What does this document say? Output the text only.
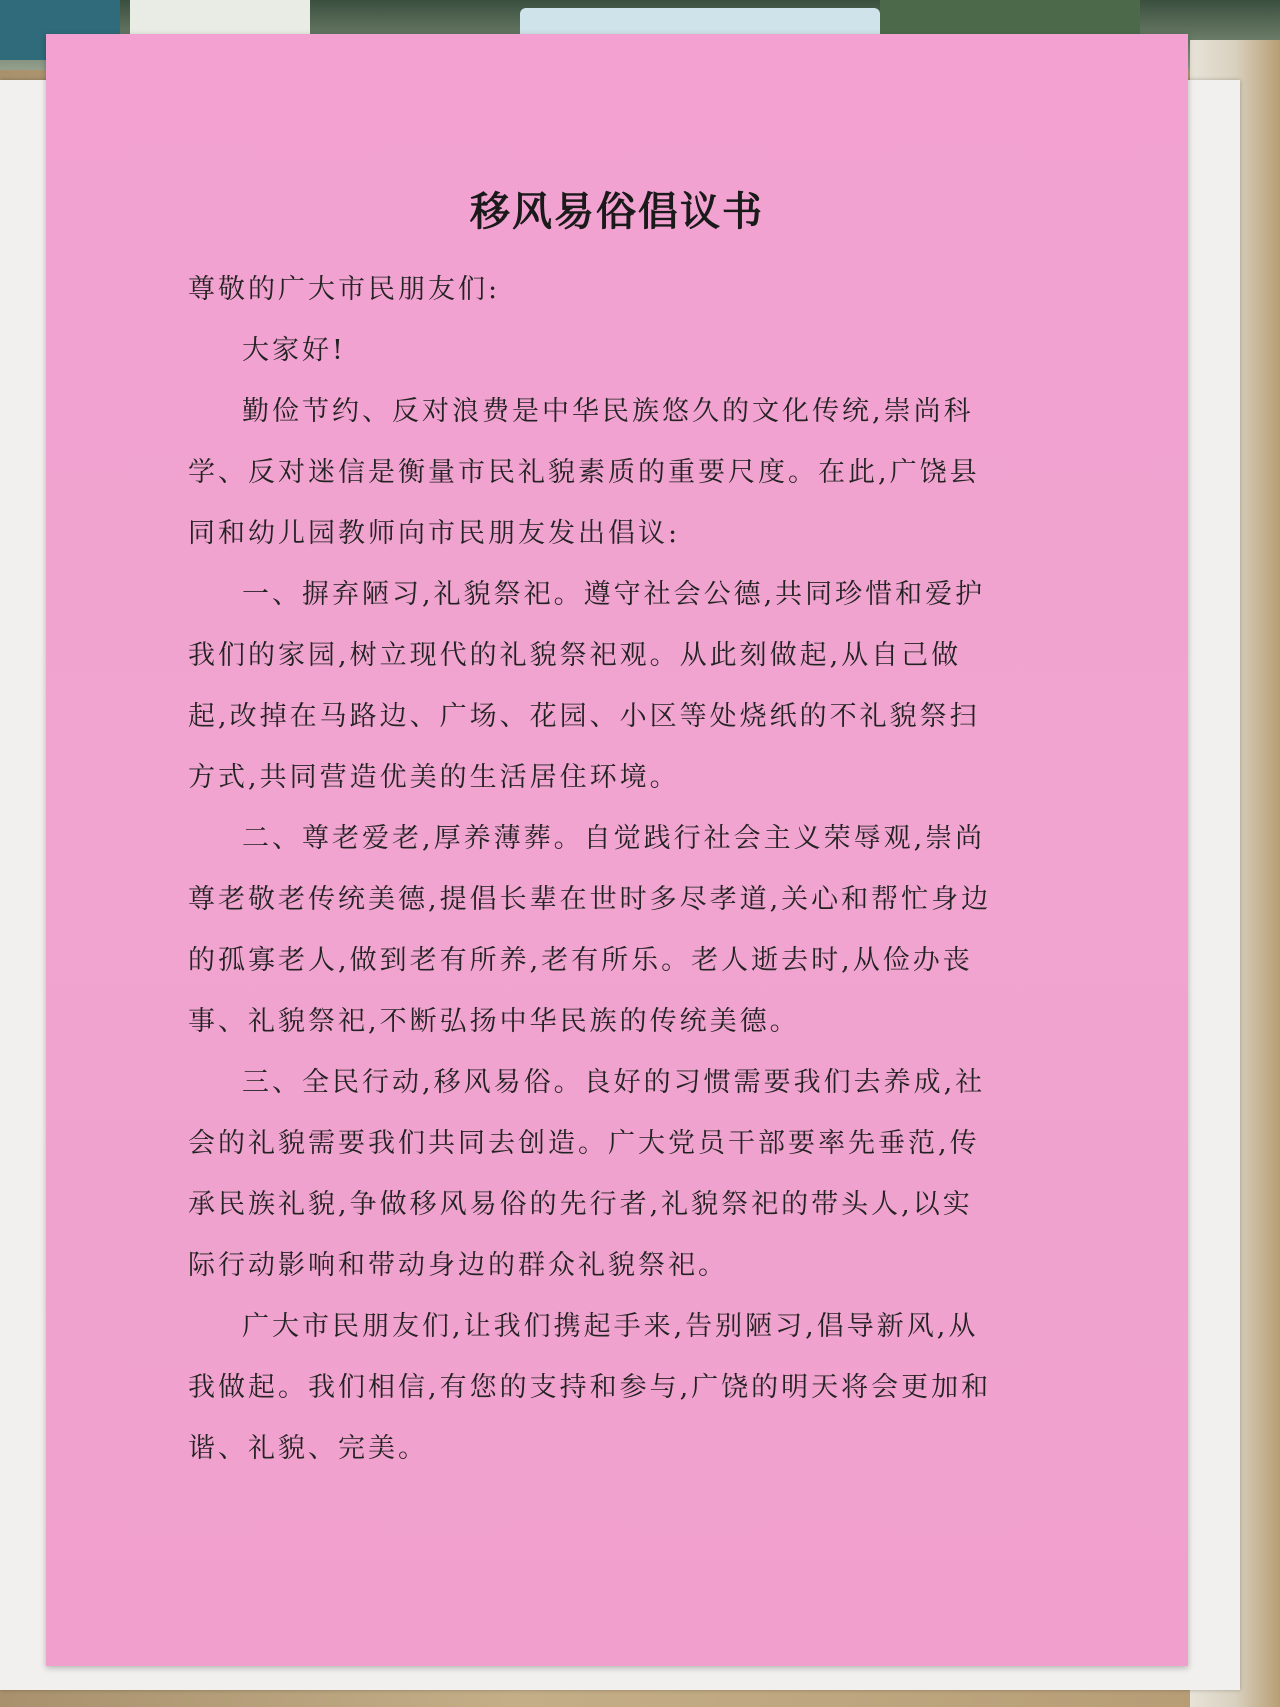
移风易俗倡议书

尊敬的广大市民朋友们:

大家好!

勤俭节约、反对浪费是中华民族悠久的文化传统,崇尚科学、反对迷信是衡量市民礼貌素质的重要尺度。在此,广饶县同和幼儿园教师向市民朋友发出倡议:

一、摒弃陋习,礼貌祭祀。遵守社会公德,共同珍惜和爱护我们的家园,树立现代的礼貌祭祀观。从此刻做起,从自己做起,改掉在马路边、广场、花园、小区等处烧纸的不礼貌祭扫方式,共同营造优美的生活居住环境。

二、尊老爱老,厚养薄葬。自觉践行社会主义荣辱观,崇尚尊老敬老传统美德,提倡长辈在世时多尽孝道,关心和帮忙身边的孤寡老人,做到老有所养,老有所乐。老人逝去时,从俭办丧事、礼貌祭祀,不断弘扬中华民族的传统美德。

三、全民行动,移风易俗。良好的习惯需要我们去养成,社会的礼貌需要我们共同去创造。广大党员干部要率先垂范,传承民族礼貌,争做移风易俗的先行者,礼貌祭祀的带头人,以实际行动影响和带动身边的群众礼貌祭祀。

广大市民朋友们,让我们携起手来,告别陋习,倡导新风,从我做起。我们相信,有您的支持和参与,广饶的明天将会更加和谐、礼貌、完美。
